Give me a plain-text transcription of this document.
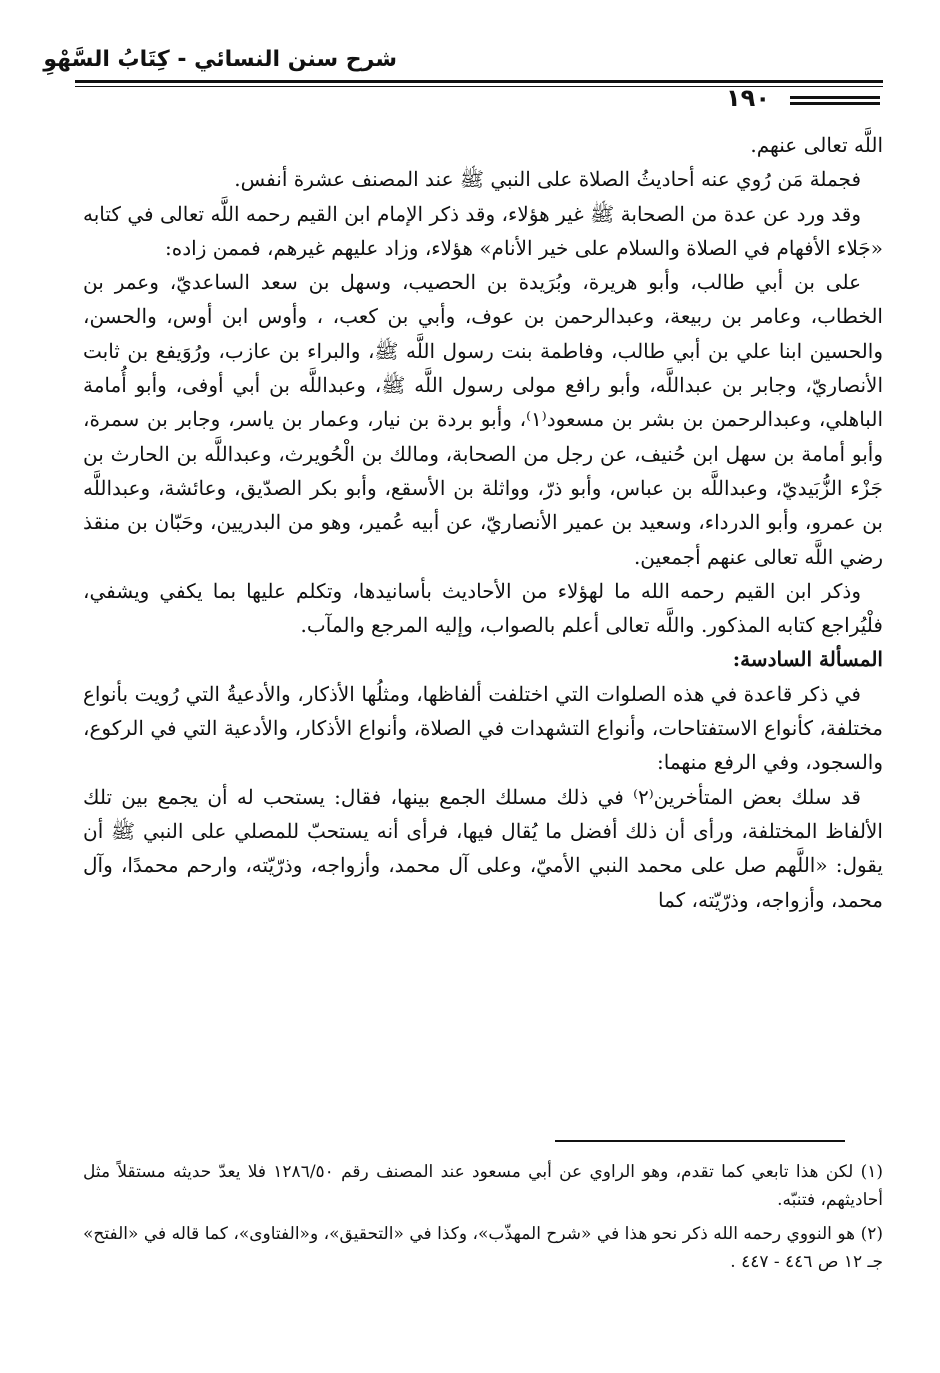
شرح سنن النسائي - كِتَابُ السَّهْوِ
١٩٠

اللَّه تعالى عنهم.

فجملة مَن رُوي عنه أحاديثُ الصلاة على النبي ﷺ عند المصنف عشرة أنفس.

وقد ورد عن عدة من الصحابة ﷺ غير هؤلاء، وقد ذكر الإمام ابن القيم رحمه اللَّه تعالى في كتابه «جَلاء الأفهام في الصلاة والسلام على خير الأنام» هؤلاء، وزاد عليهم غيرهم، فممن زاده:

على بن أبي طالب، وأبو هريرة، وبُرَيدة بن الحصيب، وسهل بن سعد الساعديّ، وعمر بن الخطاب، وعامر بن ربيعة، وعبدالرحمن بن عوف، وأبي بن كعب، ، وأوس ابن أوس، والحسن، والحسين ابنا علي بن أبي طالب، وفاطمة بنت رسول اللَّه ﷺ، والبراء بن عازب، ورُوَيفع بن ثابت الأنصاريّ، وجابر بن عبداللَّه، وأبو رافع مولى رسول اللَّه ﷺ، وعبداللَّه بن أبي أوفى، وأبو أُمامة الباهلي، وعبدالرحمن بن بشر بن مسعود⁽١⁾، وأبو بردة بن نيار، وعمار بن ياسر، وجابر بن سمرة، وأبو أمامة بن سهل ابن حُنيف، عن رجل من الصحابة، ومالك بن الْحُويرث، وعبداللَّه بن الحارث بن جَزْء الزُّبَيديّ، وعبداللَّه بن عباس، وأبو ذرّ، وواثلة بن الأسقع، وأبو بكر الصدّيق، وعائشة، وعبداللَّه بن عمرو، وأبو الدرداء، وسعيد بن عمير الأنصاريّ، عن أبيه عُمير، وهو من البدريين، وحَبّان بن منقذ رضي اللَّه تعالى عنهم أجمعين.

وذكر ابن القيم رحمه الله ما لهؤلاء من الأحاديث بأسانيدها، وتكلم عليها بما يكفي ويشفي، فلْيُراجع كتابه المذكور. واللَّه تعالى أعلم بالصواب، وإليه المرجع والمآب.

المسألة السادسة:

في ذكر قاعدة في هذه الصلوات التي اختلفت ألفاظها، ومثلُها الأذكار، والأدعيةُ التي رُويت بأنواع مختلفة، كأنواع الاستفتاحات، وأنواع التشهدات في الصلاة، وأنواع الأذكار، والأدعية التي في الركوع، والسجود، وفي الرفع منهما:

قد سلك بعض المتأخرين⁽٢⁾ في ذلك مسلك الجمع بينها، فقال: يستحب له أن يجمع بين تلك الألفاظ المختلفة، ورأى أن ذلك أفضل ما يُقال فيها، فرأى أنه يستحبّ للمصلي على النبي ﷺ أن يقول: «اللَّهم صل على محمد النبي الأميّ، وعلى آل محمد، وأزواجه، وذرّيّته، وارحم محمدًا، وآل محمد، وأزواجه، وذرّيّته، كما

(١) لكن هذا تابعي كما تقدم، وهو الراوي عن أبي مسعود عند المصنف رقم ١٢٨٦/٥٠ فلا يعدّ حديثه مستقلاً مثل أحاديثهم، فتنبّه.

(٢) هو النووي رحمه الله ذكر نحو هذا في «شرح المهذّب»، وكذا في «التحقيق»، و«الفتاوى»، كما قاله في «الفتح» جـ ١٢ ص ٤٤٦ - ٤٤٧ .
